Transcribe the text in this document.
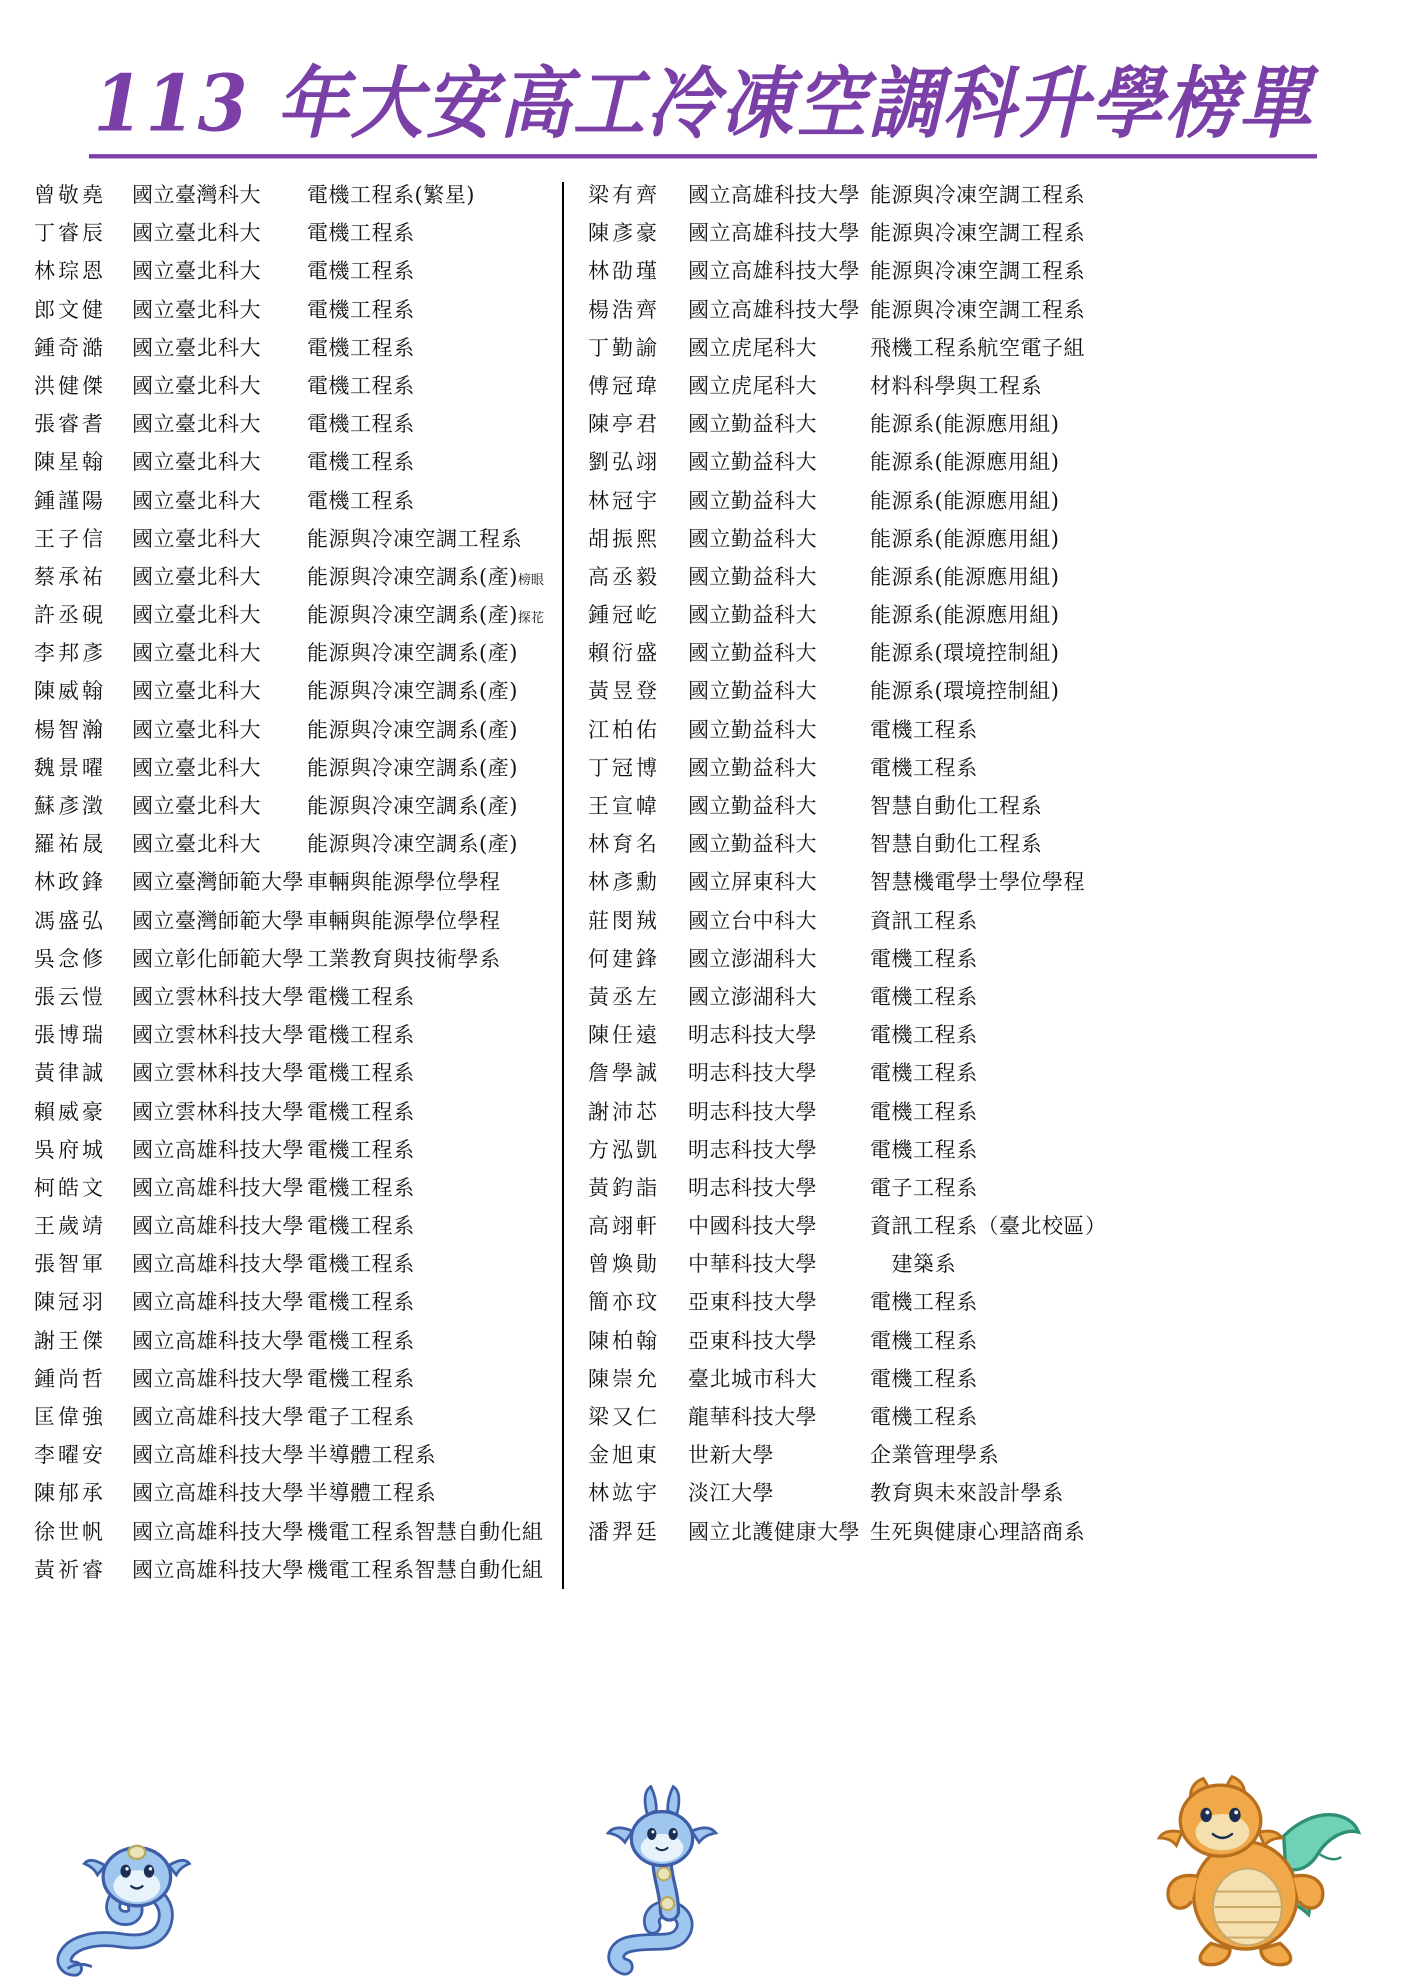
113 年大安高工冷凍空調科升學榜單
曾敬堯	國立臺灣科大	電機工程系(繁星)
丁睿辰	國立臺北科大	電機工程系
林琮恩	國立臺北科大	電機工程系
郎文健	國立臺北科大	電機工程系
鍾奇澔	國立臺北科大	電機工程系
洪健傑	國立臺北科大	電機工程系
張睿耆	國立臺北科大	電機工程系
陳星翰	國立臺北科大	電機工程系
鍾謹陽	國立臺北科大	電機工程系
王子信	國立臺北科大	能源與冷凍空調工程系
蔡承祐	國立臺北科大	能源與冷凍空調系(產)榜眼
許丞硯	國立臺北科大	能源與冷凍空調系(產)探花
李邦彥	國立臺北科大	能源與冷凍空調系(產)
陳威翰	國立臺北科大	能源與冷凍空調系(產)
楊智瀚	國立臺北科大	能源與冷凍空調系(產)
魏景曜	國立臺北科大	能源與冷凍空調系(產)
蘇彥澂	國立臺北科大	能源與冷凍空調系(產)
羅祐晟	國立臺北科大	能源與冷凍空調系(產)
林政鋒	國立臺灣師範大學 車輛與能源學位學程
馮盛弘	國立臺灣師範大學 車輛與能源學位學程
吳念修	國立彰化師範大學 工業教育與技術學系
張云愷	國立雲林科技大學 電機工程系
張博瑞	國立雲林科技大學 電機工程系
黃律誠	國立雲林科技大學 電機工程系
賴威豪	國立雲林科技大學 電機工程系
吳府城	國立高雄科技大學 電機工程系
柯皓文	國立高雄科技大學 電機工程系
王歲靖	國立高雄科技大學 電機工程系
張智軍	國立高雄科技大學 電機工程系
陳冠羽	國立高雄科技大學 電機工程系
謝王傑	國立高雄科技大學 電機工程系
鍾尚哲	國立高雄科技大學 電機工程系
匡偉強	國立高雄科技大學 電子工程系
李曜安	國立高雄科技大學 半導體工程系
陳郁承	國立高雄科技大學 半導體工程系
徐世帆	國立高雄科技大學 機電工程系智慧自動化組
黃祈睿	國立高雄科技大學 機電工程系智慧自動化組
梁有齊	國立高雄科技大學 能源與冷凍空調工程系
陳彥豪	國立高雄科技大學 能源與冷凍空調工程系
林劭瑾	國立高雄科技大學 能源與冷凍空調工程系
楊浩齊	國立高雄科技大學 能源與冷凍空調工程系
丁勤諭	國立虎尾科大	飛機工程系航空電子組
傅冠瑋	國立虎尾科大	材料科學與工程系
陳亭君	國立勤益科大	能源系(能源應用組)
劉弘翊	國立勤益科大	能源系(能源應用組)
林冠宇	國立勤益科大	能源系(能源應用組)
胡振熙	國立勤益科大	能源系(能源應用組)
高丞毅	國立勤益科大	能源系(能源應用組)
鍾冠屹	國立勤益科大	能源系(能源應用組)
賴衍盛	國立勤益科大	能源系(環境控制組)
黃昱登	國立勤益科大	能源系(環境控制組)
江柏佑	國立勤益科大	電機工程系
丁冠博	國立勤益科大	電機工程系
王宣幃	國立勤益科大	智慧自動化工程系
林育名	國立勤益科大	智慧自動化工程系
林彥勳	國立屏東科大	智慧機電學士學位學程
莊閔羢	國立台中科大	資訊工程系
何建鋒	國立澎湖科大	電機工程系
黃丞左	國立澎湖科大	電機工程系
陳任遠	明志科技大學	電機工程系
詹學誠	明志科技大學	電機工程系
謝沛芯	明志科技大學	電機工程系
方泓凱	明志科技大學	電機工程系
黃鈞詣	明志科技大學	電子工程系
高翊軒	中國科技大學	資訊工程系（臺北校區）
曾煥勛	中華科技大學	　建築系
簡亦玟	亞東科技大學	電機工程系
陳柏翰	亞東科技大學	電機工程系
陳崇允	臺北城市科大	電機工程系
梁又仁	龍華科技大學	電機工程系
金旭東	世新大學	企業管理學系
林竑宇	淡江大學	教育與未來設計學系
潘羿廷	國立北護健康大學 生死與健康心理諮商系
